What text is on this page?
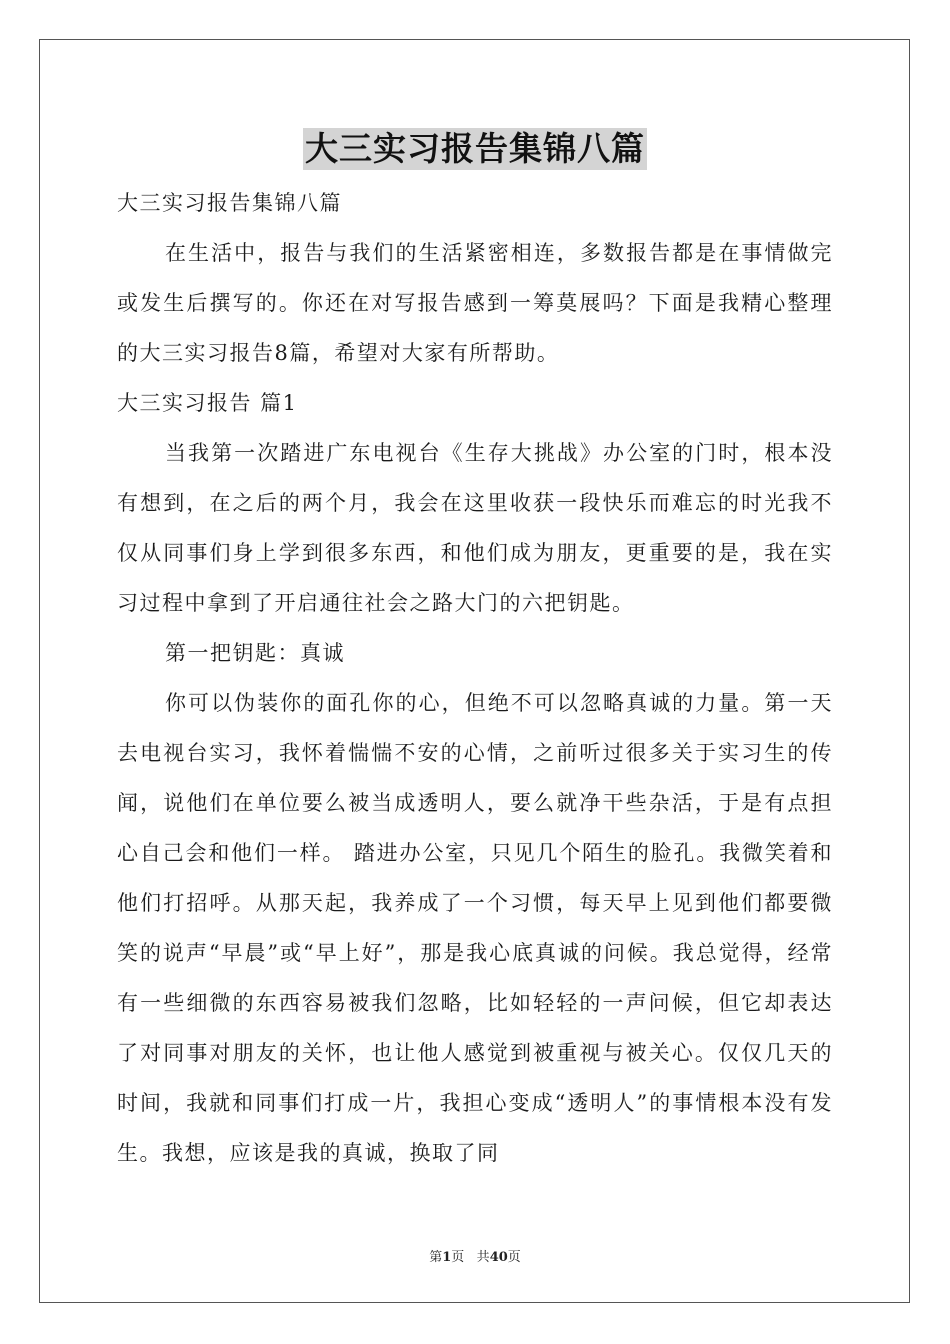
大三实习报告集锦八篇

大三实习报告集锦八篇

在生活中，报告与我们的生活紧密相连，多数报告都是在事情做完或发生后撰写的。你还在对写报告感到一筹莫展吗？下面是我精心整理的大三实习报告8篇，希望对大家有所帮助。

大三实习报告 篇1

当我第一次踏进广东电视台《生存大挑战》办公室的门时，根本没有想到，在之后的两个月，我会在这里收获一段快乐而难忘的时光我不仅从同事们身上学到很多东西，和他们成为朋友，更重要的是，我在实习过程中拿到了开启通往社会之路大门的六把钥匙。

第一把钥匙：真诚

你可以伪装你的面孔你的心，但绝不可以忽略真诚的力量。第一天去电视台实习，我怀着惴惴不安的心情，之前听过很多关于实习生的传闻，说他们在单位要么被当成透明人，要么就净干些杂活，于是有点担心自己会和他们一样。 踏进办公室，只见几个陌生的脸孔。我微笑着和他们打招呼。从那天起，我养成了一个习惯，每天早上见到他们都要微笑的说声“早晨”或“早上好”，那是我心底真诚的问候。我总觉得，经常有一些细微的东西容易被我们忽略，比如轻轻的一声问候，但它却表达了对同事对朋友的关怀，也让他人感觉到被重视与被关心。仅仅几天的时间，我就和同事们打成一片，我担心变成“透明人”的事情根本没有发生。我想，应该是我的真诚，换取了同

第1页 共40页
